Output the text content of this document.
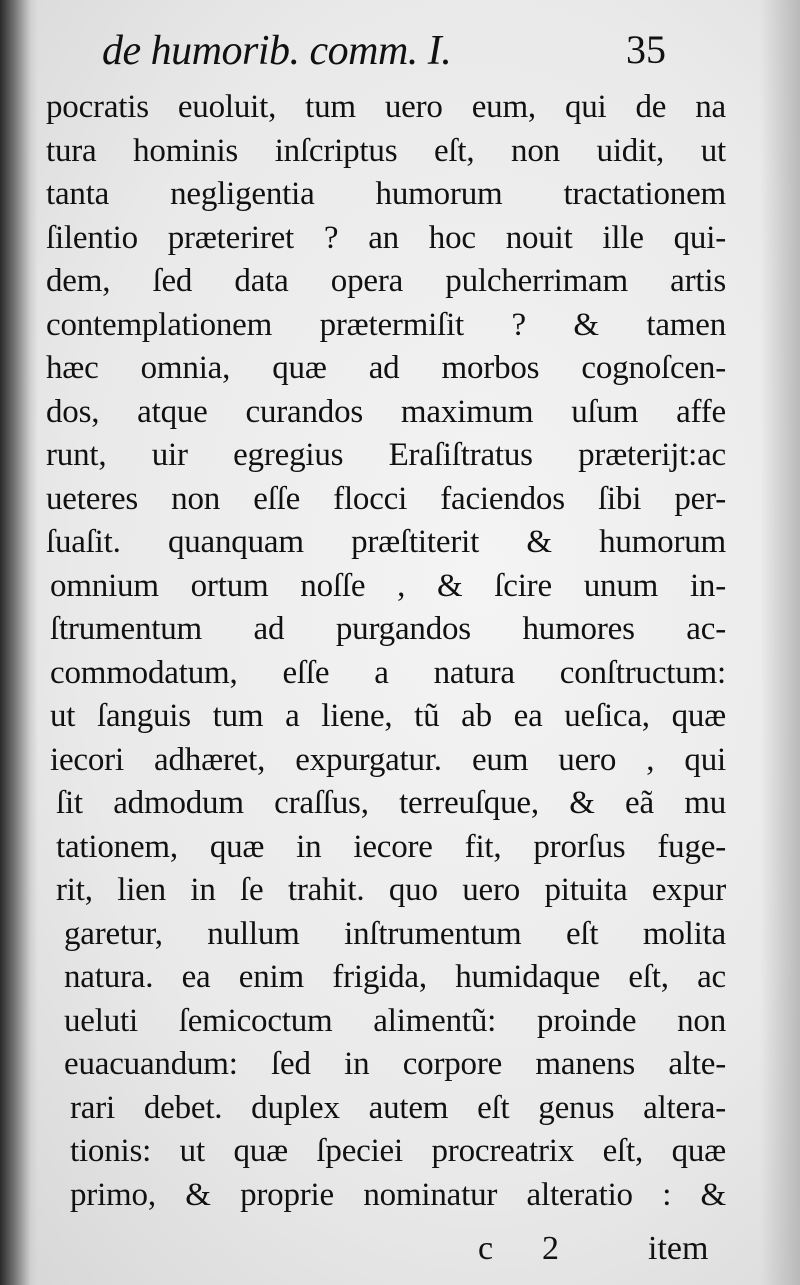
de humorib. comm. I.	35
pocratis euoluit, tum uero eum, qui de na
tura hominis inſcriptus eſt, non uidit, ut
tanta negligentia humorum tractationem
ſilentio præteriret ? an hoc nouit ille qui-
dem, ſed data opera pulcherrimam artis
contemplationem prætermiſit ? & tamen
hæc omnia, quæ ad morbos cognoſcen-
dos, atque curandos maximum uſum affe
runt, uir egregius Eraſiſtratus præterijt:ac
ueteres non eſſe flocci faciendos ſibi per-
ſuaſit. quanquam præſtiterit & humorum
omnium ortum noſſe , & ſcire unum in-
ſtrumentum ad purgandos humores ac-
commodatum, eſſe a natura conſtructum:
ut ſanguis tum a liene, tũ ab ea ueſica, quæ
iecori adhæret, expurgatur. eum uero , qui
ſit admodum craſſus, terreuſque, & eã mu
tationem, quæ in iecore fit, prorſus fuge-
rit, lien in ſe trahit. quo uero pituita expur
garetur, nullum inſtrumentum eſt molita
natura. ea enim frigida, humidaque eſt, ac
ueluti ſemicoctum alimentũ: proinde non
euacuandum: ſed in corpore manens alte-
rari debet. duplex autem eſt genus altera-
tionis: ut quæ ſpeciei procreatrix eſt, quæ
primo, & proprie nominatur alteratio : &
c 2	item
